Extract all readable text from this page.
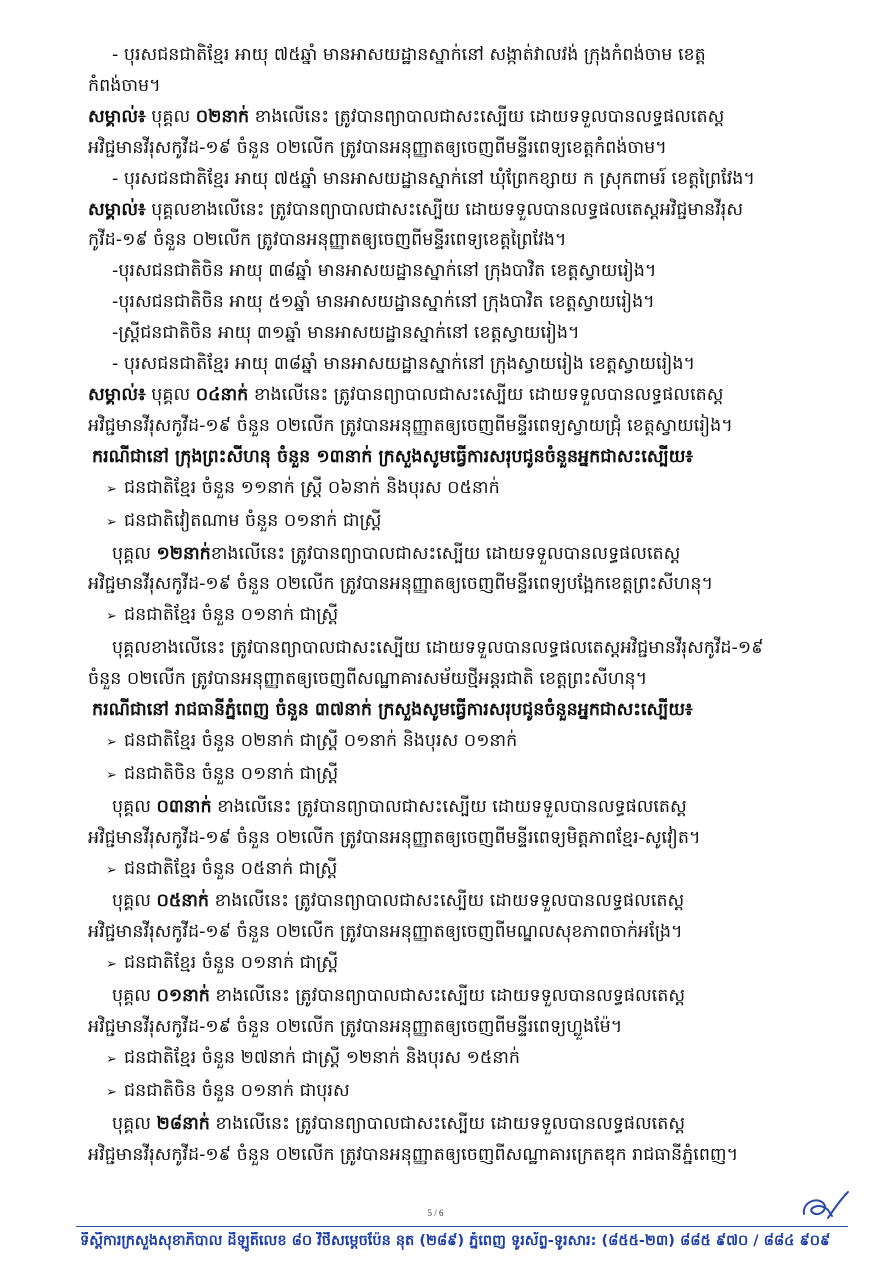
- បុរសជនជាតិខ្មែរ អាយុ ៧៥ឆ្នាំ មានអាសយដ្ឋានស្នាក់នៅ សង្កាត់វាលវង់ ក្រុងកំពង់ចាម ខេត្ត

កំពង់ចាម។

សម្គាល់៖ បុគ្គល ០២នាក់ ខាងលើនេះ ត្រូវបានព្យាបាលជាសះស្បើយ ដោយទទួលបានលទ្ធផលតេស្ត

អវិជ្ជមានវីរុសកូវីដ-១៩ ចំនួន ០២លើក ត្រូវបានអនុញ្ញាតឲ្យចេញពីមន្ទីរពេទ្យខេត្តកំពង់ចាម។

- បុរសជនជាតិខ្មែរ អាយុ ៧៥ឆ្នាំ មានអាសយដ្ឋានស្នាក់នៅ ឃុំព្រែកខ្សាយ ក ស្រុកពាមរ៍ ខេត្តព្រៃវែង។

សម្គាល់៖ បុគ្គលខាងលើនេះ ត្រូវបានព្យាបាលជាសះស្បើយ ដោយទទួលបានលទ្ធផលតេស្តអវិជ្ជមានវីរុស

កូវីដ-១៩ ចំនួន ០២លើក ត្រូវបានអនុញ្ញាតឲ្យចេញពីមន្ទីរពេទ្យខេត្តព្រៃវែង។

-បុរសជនជាតិចិន អាយុ ៣៨ឆ្នាំ មានអាសយដ្ឋានស្នាក់នៅ ក្រុងបាវិត ខេត្តស្វាយរៀង។

-បុរសជនជាតិចិន អាយុ ៥១ឆ្នាំ មានអាសយដ្ឋានស្នាក់នៅ ក្រុងបាវិត ខេត្តស្វាយរៀង។

-ស្ត្រីជនជាតិចិន អាយុ ៣១ឆ្នាំ មានអាសយដ្ឋានស្នាក់នៅ ខេត្តស្វាយរៀង។

- បុរសជនជាតិខ្មែរ អាយុ ៣៨ឆ្នាំ មានអាសយដ្ឋានស្នាក់នៅ ក្រុងស្វាយរៀង ខេត្តស្វាយរៀង។

សម្គាល់៖ បុគ្គល ០៤នាក់ ខាងលើនេះ ត្រូវបានព្យាបាលជាសះស្បើយ ដោយទទួលបានលទ្ធផលតេស្ត

អវិជ្ជមានវីរុសកូវីដ-១៩ ចំនួន ០២លើក ត្រូវបានអនុញ្ញាតឲ្យចេញពីមន្ទីរពេទ្យស្វាយជ្រុំ ខេត្តស្វាយរៀង។

ករណីជានៅ ក្រុងព្រះសីហនុ ចំនួន ១៣នាក់ ក្រសួងសូមធ្វើការសរុបជូនចំនួនអ្នកជាសះស្បើយ៖

➢ ជនជាតិខ្មែរ ចំនួន ១១នាក់ ស្ត្រី ០៦នាក់ និងបុរស ០៥នាក់

➢ ជនជាតិវៀតណាម ចំនួន ០១នាក់ ជាស្ត្រី

បុគ្គល ១២នាក់ខាងលើនេះ ត្រូវបានព្យាបាលជាសះស្បើយ ដោយទទួលបានលទ្ធផលតេស្ត

អវិជ្ជមានវីរុសកូវីដ-១៩ ចំនួន ០២លើក ត្រូវបានអនុញ្ញាតឲ្យចេញពីមន្ទីរពេទ្យបង្អែកខេត្តព្រះសីហនុ។

➢ ជនជាតិខ្មែរ ចំនួន ០១នាក់ ជាស្ត្រី

បុគ្គលខាងលើនេះ ត្រូវបានព្យាបាលជាសះស្បើយ ដោយទទួលបានលទ្ធផលតេស្តអវិជ្ជមានវីរុសកូវីដ-១៩

ចំនួន ០២លើក ត្រូវបានអនុញ្ញាតឲ្យចេញពីសណ្ឋាគារសម័យថ្មីអន្តរជាតិ ខេត្តព្រះសីហនុ។

ករណីជានៅ រាជធានីភ្នំពេញ ចំនួន ៣៧នាក់ ក្រសួងសូមធ្វើការសរុបជូនចំនួនអ្នកជាសះស្បើយ៖

➢ ជនជាតិខ្មែរ ចំនួន ០២នាក់ ជាស្ត្រី ០១នាក់ និងបុរស ០១នាក់

➢ ជនជាតិចិន ចំនួន ០១នាក់ ជាស្ត្រី

បុគ្គល ០៣នាក់ ខាងលើនេះ ត្រូវបានព្យាបាលជាសះស្បើយ ដោយទទួលបានលទ្ធផលតេស្ត

អវិជ្ជមានវីរុសកូវីដ-១៩ ចំនួន ០២លើក ត្រូវបានអនុញ្ញាតឲ្យចេញពីមន្ទីរពេទ្យមិត្តភាពខ្មែរ-សូវៀត។

➢ ជនជាតិខ្មែរ ចំនួន ០៥នាក់ ជាស្ត្រី

បុគ្គល ០៥នាក់ ខាងលើនេះ ត្រូវបានព្យាបាលជាសះស្បើយ ដោយទទួលបានលទ្ធផលតេស្ត

អវិជ្ជមានវីរុសកូវីដ-១៩ ចំនួន ០២លើក ត្រូវបានអនុញ្ញាតឲ្យចេញពីមណ្ឌលសុខភាពចាក់អង្រែ។

➢ ជនជាតិខ្មែរ ចំនួន ០១នាក់ ជាស្ត្រី

បុគ្គល ០១នាក់ ខាងលើនេះ ត្រូវបានព្យាបាលជាសះស្បើយ ដោយទទួលបានលទ្ធផលតេស្ត

អវិជ្ជមានវីរុសកូវីដ-១៩ ចំនួន ០២លើក ត្រូវបានអនុញ្ញាតឲ្យចេញពីមន្ទីរពេទ្យហ្លួងម៉ែ។

➢ ជនជាតិខ្មែរ ចំនួន ២៧នាក់ ជាស្ត្រី ១២នាក់ និងបុរស ១៥នាក់

➢ ជនជាតិចិន ចំនួន ០១នាក់ ជាបុរស

បុគ្គល ២៨នាក់ ខាងលើនេះ ត្រូវបានព្យាបាលជាសះស្បើយ ដោយទទួលបានលទ្ធផលតេស្ត

អវិជ្ជមានវីរុសកូវីដ-១៩ ចំនួន ០២លើក ត្រូវបានអនុញ្ញាតឲ្យចេញពីសណ្ឋាគារក្រេតឌុក រាជធានីភ្នំពេញ។

5 / 6
ទីស្តីការក្រសួងសុខាភិបាល ដីឡូតិ៍លេខ ៨០ វិថីសម្តេចប៉ែន នុត (២៨៩) ភ្នំពេញ ទូរស័ព្ទ-ទូរសារ: (៨៥៥-២៣) ៨៨៥ ៩៧០ / ៨៨៤ ៩០៩
